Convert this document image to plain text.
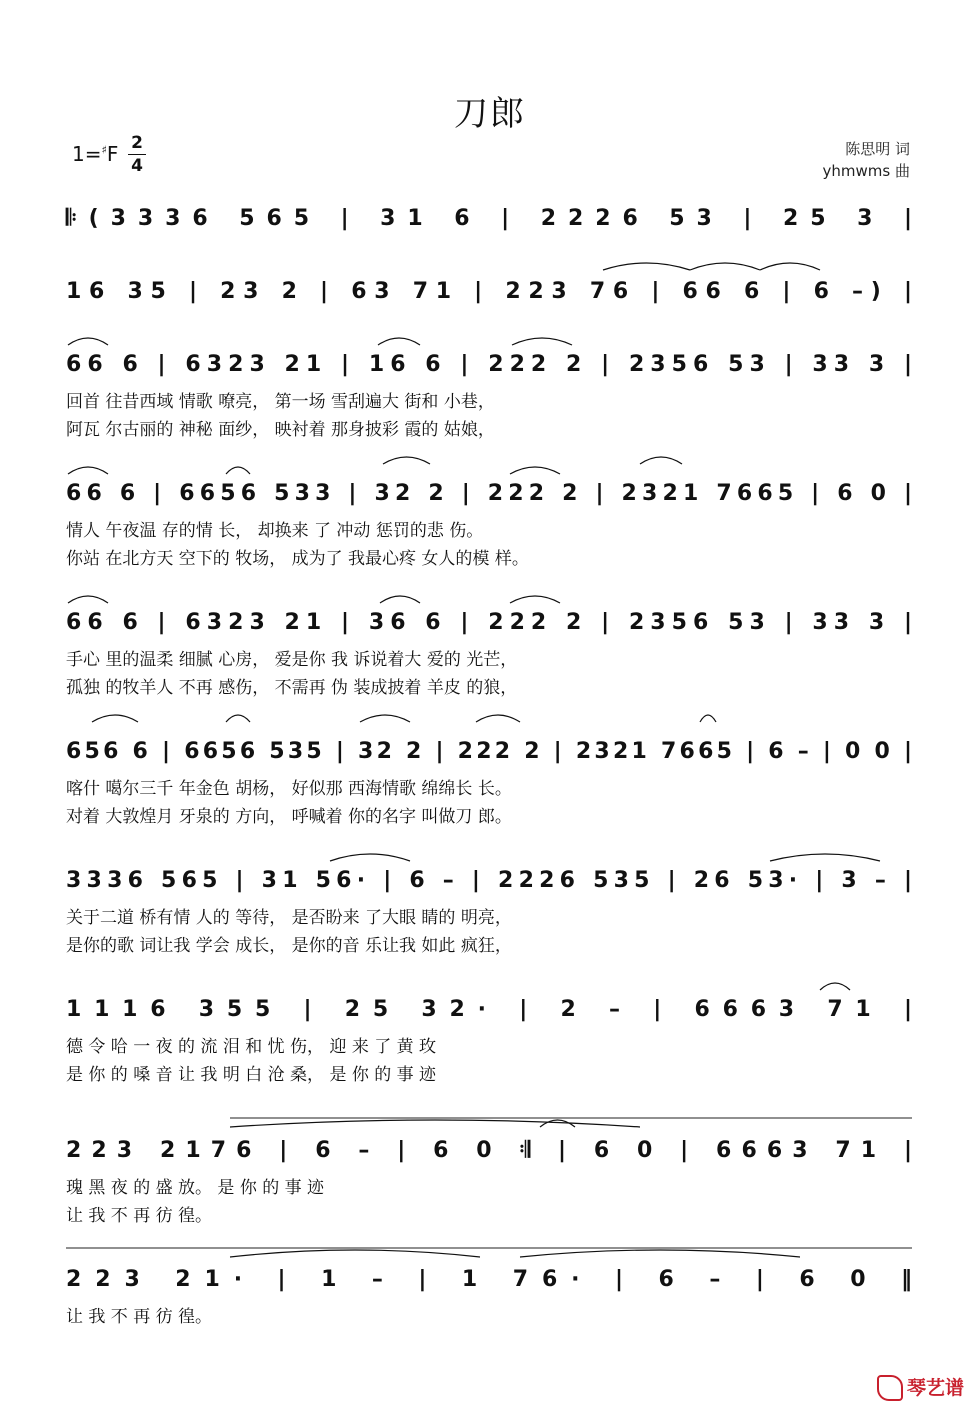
刀郎
1=♯F 2
4
陈思明 词
yhmwms 曲
𝄆(3336 565 | 31 6 | 2226 53 | 25 3 |
16 35 | 23 2 | 63 71 | 223 76 | 66 6 | 6 –) |
66 6 | 6323 21 | 16 6 | 222 2 | 2356 53 | 33 3 |
回首 往昔西域 情歌 嘹亮， 第一场 雪刮遍大 街和 小巷，
阿瓦 尔古丽的 神秘 面纱， 映衬着 那身披彩 霞的 姑娘，
66 6 | 6656 533 | 32 2 | 222 2 | 2321 7665 | 6 0 |
情人 午夜温 存的情 长， 却换来 了 冲动 惩罚的悲 伤。
你站 在北方天 空下的 牧场， 成为了 我最心疼 女人的模 样。
66 6 | 6323 21 | 36 6 | 222 2 | 2356 53 | 33 3 |
手心 里的温柔 细腻 心房， 爱是你 我 诉说着大 爱的 光芒，
孤独 的牧羊人 不再 感伤， 不需再 伪 装成披着 羊皮 的狼，
656 6 | 6656 535 | 32 2 | 222 2 | 2321 7665 | 6 – | 0 0 |
喀什 噶尔三千 年金色 胡杨， 好似那 西海情歌 绵绵长 长。
对着 大敦煌月 牙泉的 方向， 呼喊着 你的名字 叫做刀 郎。
3336 565 | 31 56· | 6 – | 2226 535 | 26 53· | 3 – |
关于二道 桥有情 人的 等待， 是否盼来 了大眼 睛的 明亮，
是你的歌 词让我 学会 成长， 是你的音 乐让我 如此 疯狂，
1116 355 | 25 32· | 2 – | 6663 71 |
德 令 哈 一 夜 的 流 泪 和 忧 伤， 迎 来 了 黄 玫
是 你 的 嗓 音 让 我 明 白 沧 桑， 是 你 的 事 迹
223 2176 | 6 – | 6 0 𝄇 | 6 0 | 6663 71 |
瑰 黑 夜 的 盛 放。 是 你 的 事 迹
让 我 不 再 彷 徨。
223 21· | 1 – | 1 76· | 6 – | 6 0 ‖
让 我 不 再 彷 徨。
琴艺谱
